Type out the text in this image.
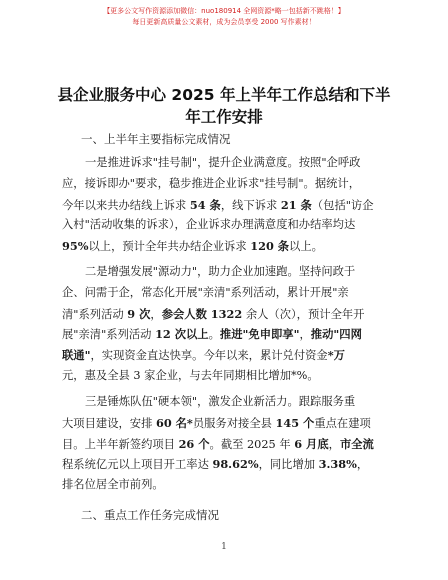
【更多公文写作资源添加微信：nuo180914 全网资源*略一包括新不跳格！】
每日更新高质量公文素材，成为会员享受 2000 写作素材！
县企业服务中心 2025 年上半年工作总结和下半
年工作安排
一、上半年主要指标完成情况
一是推进诉求"挂号制"，提升企业满意度。按照"企呼政
应，接诉即办"要求，稳步推进企业诉求"挂号制"。据统计，
今年以来共办结线上诉求 54 条，线下诉求 21 条（包括"访企
入村"活动收集的诉求），企业诉求办理满意度和办结率均达
95%以上，预计全年共办结企业诉求 120 条以上。
二是增强发展"源动力"，助力企业加速跑。坚持问政于
企、问需于企，常态化开展"亲清"系列活动，累计开展"亲
清"系列活动 9 次，参会人数 1322 余人（次），预计全年开
展"亲清"系列活动 12 次以上。推进"免申即享"，推动"四网
联通"，实现资金直达快享。今年以来，累计兑付资金*万
元，惠及全县 3 家企业，与去年同期相比增加*%。
三是锤炼队伍"硬本领"，激发企业新活力。跟踪服务重
大项目建设，安排 60 名*员服务对接全县 145 个重点在建项
目。上半年新签约项目 26 个。截至 2025 年 6 月底，市全流
程系统亿元以上项目开工率达 98.62%，同比增加 3.38%，
排名位居全市前列。
二、重点工作任务完成情况
1
